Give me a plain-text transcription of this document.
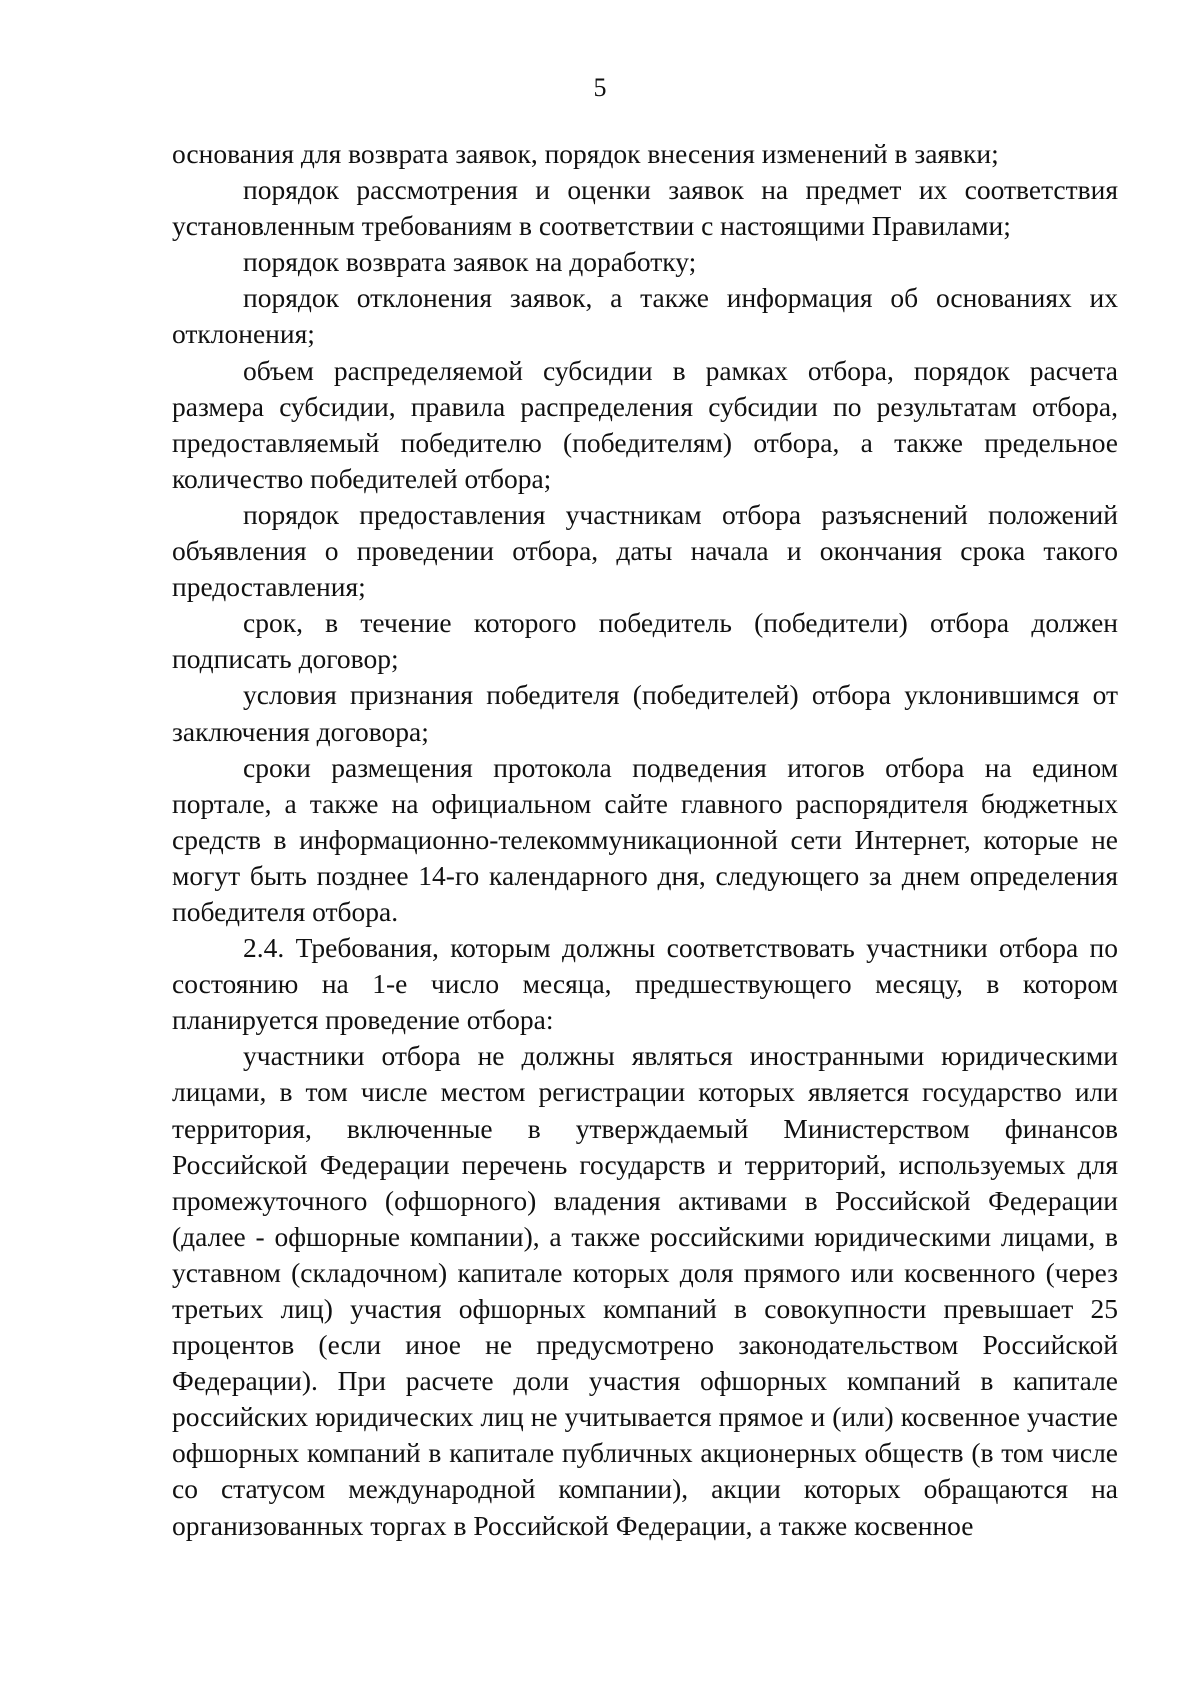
5

основания для возврата заявок, порядок внесения изменений в заявки;

порядок рассмотрения и оценки заявок на предмет их соответствия установленным требованиям в соответствии с настоящими Правилами;

порядок возврата заявок на доработку;

порядок отклонения заявок, а также информация об основаниях их отклонения;

объем распределяемой субсидии в рамках отбора, порядок расчета размера субсидии, правила распределения субсидии по результатам отбора, предоставляемый победителю (победителям) отбора, а также предельное количество победителей отбора;

порядок предоставления участникам отбора разъяснений положений объявления о проведении отбора, даты начала и окончания срока такого предоставления;

срок, в течение которого победитель (победители) отбора должен подписать договор;

условия признания победителя (победителей) отбора уклонившимся от заключения договора;

сроки размещения протокола подведения итогов отбора на едином портале, а также на официальном сайте главного распорядителя бюджетных средств в информационно-телекоммуникационной сети Интернет, которые не могут быть позднее 14-го календарного дня, следующего за днем определения победителя отбора.

2.4. Требования, которым должны соответствовать участники отбора по состоянию на 1-е число месяца, предшествующего месяцу, в котором планируется проведение отбора:

участники отбора не должны являться иностранными юридическими лицами, в том числе местом регистрации которых является государство или территория, включенные в утверждаемый Министерством финансов Российской Федерации перечень государств и территорий, используемых для промежуточного (офшорного) владения активами в Российской Федерации (далее - офшорные компании), а также российскими юридическими лицами, в уставном (складочном) капитале которых доля прямого или косвенного (через третьих лиц) участия офшорных компаний в совокупности превышает 25 процентов (если иное не предусмотрено законодательством Российской Федерации). При расчете доли участия офшорных компаний в капитале российских юридических лиц не учитывается прямое и (или) косвенное участие офшорных компаний в капитале публичных акционерных обществ (в том числе со статусом международной компании), акции которых обращаются на организованных торгах в Российской Федерации, а также косвенное
